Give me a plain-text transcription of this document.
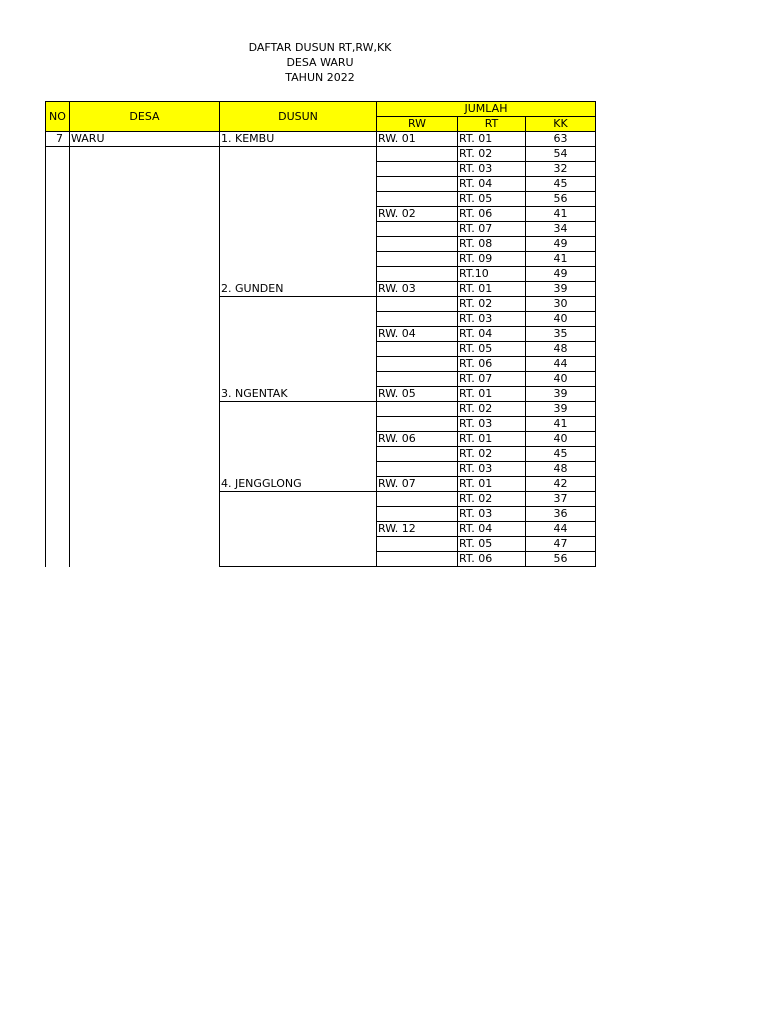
DAFTAR DUSUN RT,RW,KK
DESA WARU
TAHUN 2022
NO	DESA	DUSUN	JUMLAH		
			RW	RT	KK
7	WARU	1. KEMBU	RW. 01	RT. 01	63
				RT. 02	54
				RT. 03	32
				RT. 04	45
				RT. 05	56
			RW. 02	RT. 06	41
				RT. 07	34
				RT. 08	49
				RT. 09	41
				RT.10	49
		2. GUNDEN	RW. 03	RT. 01	39
				RT. 02	30
				RT. 03	40
			RW. 04	RT. 04	35
				RT. 05	48
				RT. 06	44
				RT. 07	40
		3. NGENTAK	RW. 05	RT. 01	39
				RT. 02	39
				RT. 03	41
			RW. 06	RT. 01	40
				RT. 02	45
				RT. 03	48
		4. JENGGLONG	RW. 07	RT. 01	42
				RT. 02	37
				RT. 03	36
			RW. 12	RT. 04	44
				RT. 05	47
				RT. 06	56
